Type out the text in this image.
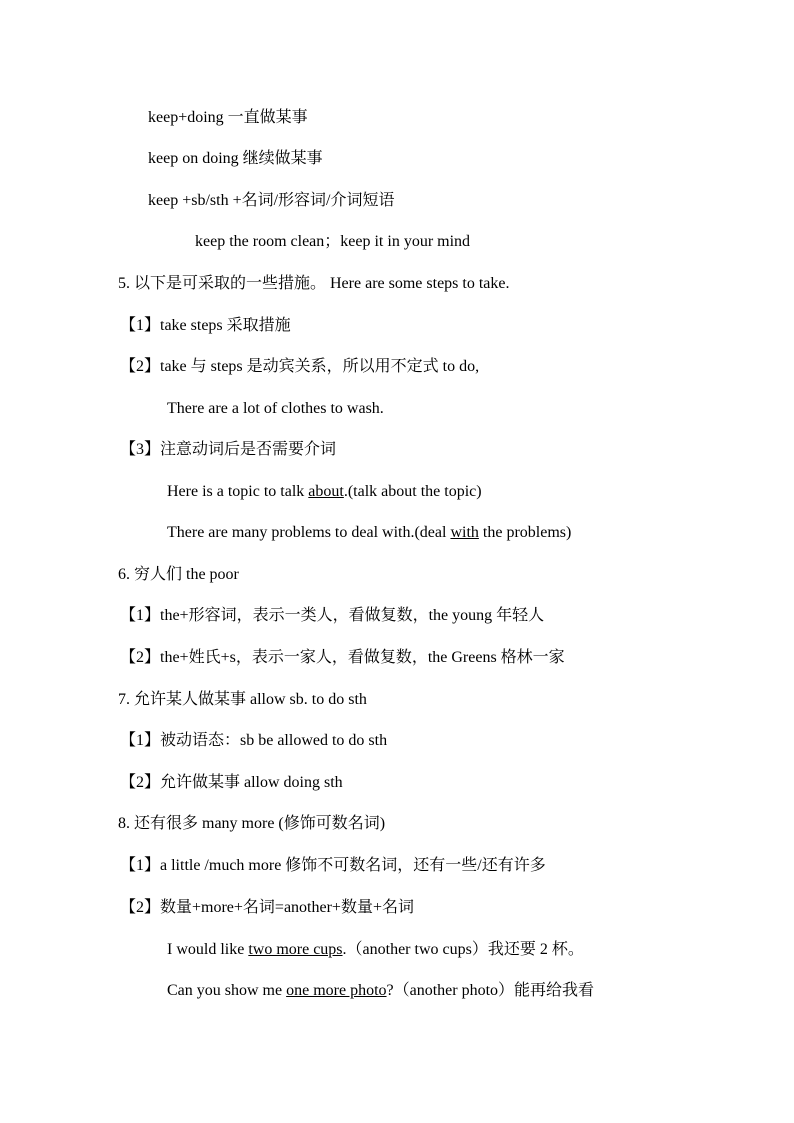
keep+doing 一直做某事
keep on doing 继续做某事
keep +sb/sth +名词/形容词/介词短语
keep the room clean；keep it in your mind
5. 以下是可采取的一些措施。 Here are some steps to take.
【1】take steps 采取措施
【2】take 与 steps 是动宾关系，所以用不定式 to do,
There are a lot of clothes to wash.
【3】注意动词后是否需要介词
Here is a topic to talk about.(talk about the topic)
There are many problems to deal with.(deal with the problems)
6. 穷人们 the poor
【1】the+形容词，表示一类人，看做复数，the young 年轻人
【2】the+姓氏+s，表示一家人，看做复数，the Greens 格林一家
7. 允许某人做某事 allow sb. to do sth
【1】被动语态：sb be allowed to do sth
【2】允许做某事 allow doing sth
8. 还有很多 many more (修饰可数名词)
【1】a little /much more 修饰不可数名词，还有一些/还有许多
【2】数量+more+名词=another+数量+名词
I would like two more cups.（another two cups）我还要 2 杯。
Can you show me one more photo?（another photo）能再给我看
